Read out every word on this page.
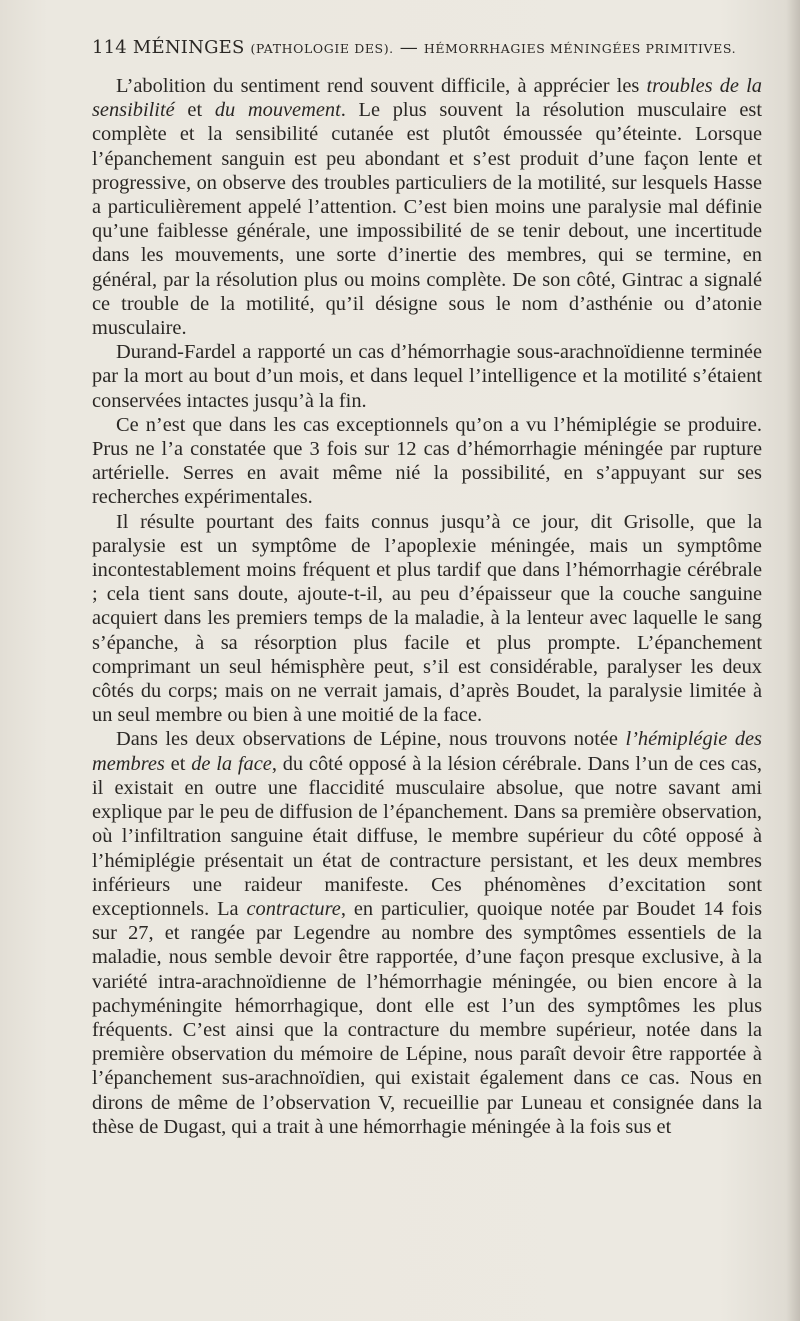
114 MÉNINGES (PATHOLOGIE DES). — HÉMORRHAGIES MÉNINGÉES PRIMITIVES.

L’abolition du sentiment rend souvent difficile, à apprécier les troubles de la sensibilité et du mouvement. Le plus souvent la résolution musculaire est complète et la sensibilité cutanée est plutôt émoussée qu’éteinte. Lorsque l’épanchement sanguin est peu abondant et s’est produit d’une façon lente et progressive, on observe des troubles particuliers de la motilité, sur lesquels Hasse a particulièrement appelé l’attention. C’est bien moins une paralysie mal définie qu’une faiblesse générale, une impossibilité de se tenir debout, une incertitude dans les mouvements, une sorte d’inertie des membres, qui se termine, en général, par la résolution plus ou moins complète. De son côté, Gintrac a signalé ce trouble de la motilité, qu’il désigne sous le nom d’asthénie ou d’atonie musculaire.

Durand-Fardel a rapporté un cas d’hémorrhagie sous-arachnoïdienne terminée par la mort au bout d’un mois, et dans lequel l’intelligence et la motilité s’étaient conservées intactes jusqu’à la fin.

Ce n’est que dans les cas exceptionnels qu’on a vu l’hémiplégie se produire. Prus ne l’a constatée que 3 fois sur 12 cas d’hémorrhagie méningée par rupture artérielle. Serres en avait même nié la possibilité, en s’appuyant sur ses recherches expérimentales.

Il résulte pourtant des faits connus jusqu’à ce jour, dit Grisolle, que la paralysie est un symptôme de l’apoplexie méningée, mais un symptôme incontestablement moins fréquent et plus tardif que dans l’hémorrhagie cérébrale ; cela tient sans doute, ajoute-t-il, au peu d’épaisseur que la couche sanguine acquiert dans les premiers temps de la maladie, à la lenteur avec laquelle le sang s’épanche, à sa résorption plus facile et plus prompte. L’épanchement comprimant un seul hémisphère peut, s’il est considérable, paralyser les deux côtés du corps; mais on ne verrait jamais, d’après Boudet, la paralysie limitée à un seul membre ou bien à une moitié de la face.

Dans les deux observations de Lépine, nous trouvons notée l’hémiplégie des membres et de la face, du côté opposé à la lésion cérébrale. Dans l’un de ces cas, il existait en outre une flaccidité musculaire absolue, que notre savant ami explique par le peu de diffusion de l’épanchement. Dans sa première observation, où l’infiltration sanguine était diffuse, le membre supérieur du côté opposé à l’hémiplégie présentait un état de contracture persistant, et les deux membres inférieurs une raideur manifeste. Ces phénomènes d’excitation sont exceptionnels. La contracture, en particulier, quoique notée par Boudet 14 fois sur 27, et rangée par Legendre au nombre des symptômes essentiels de la maladie, nous semble devoir être rapportée, d’une façon presque exclusive, à la variété intra-arachnoïdienne de l’hémorrhagie méningée, ou bien encore à la pachyméningite hémorrhagique, dont elle est l’un des symptômes les plus fréquents. C’est ainsi que la contracture du membre supérieur, notée dans la première observation du mémoire de Lépine, nous paraît devoir être rapportée à l’épanchement sus-arachnoïdien, qui existait également dans ce cas. Nous en dirons de même de l’observation V, recueillie par Luneau et consignée dans la thèse de Dugast, qui a trait à une hémorrhagie méningée à la fois sus et
